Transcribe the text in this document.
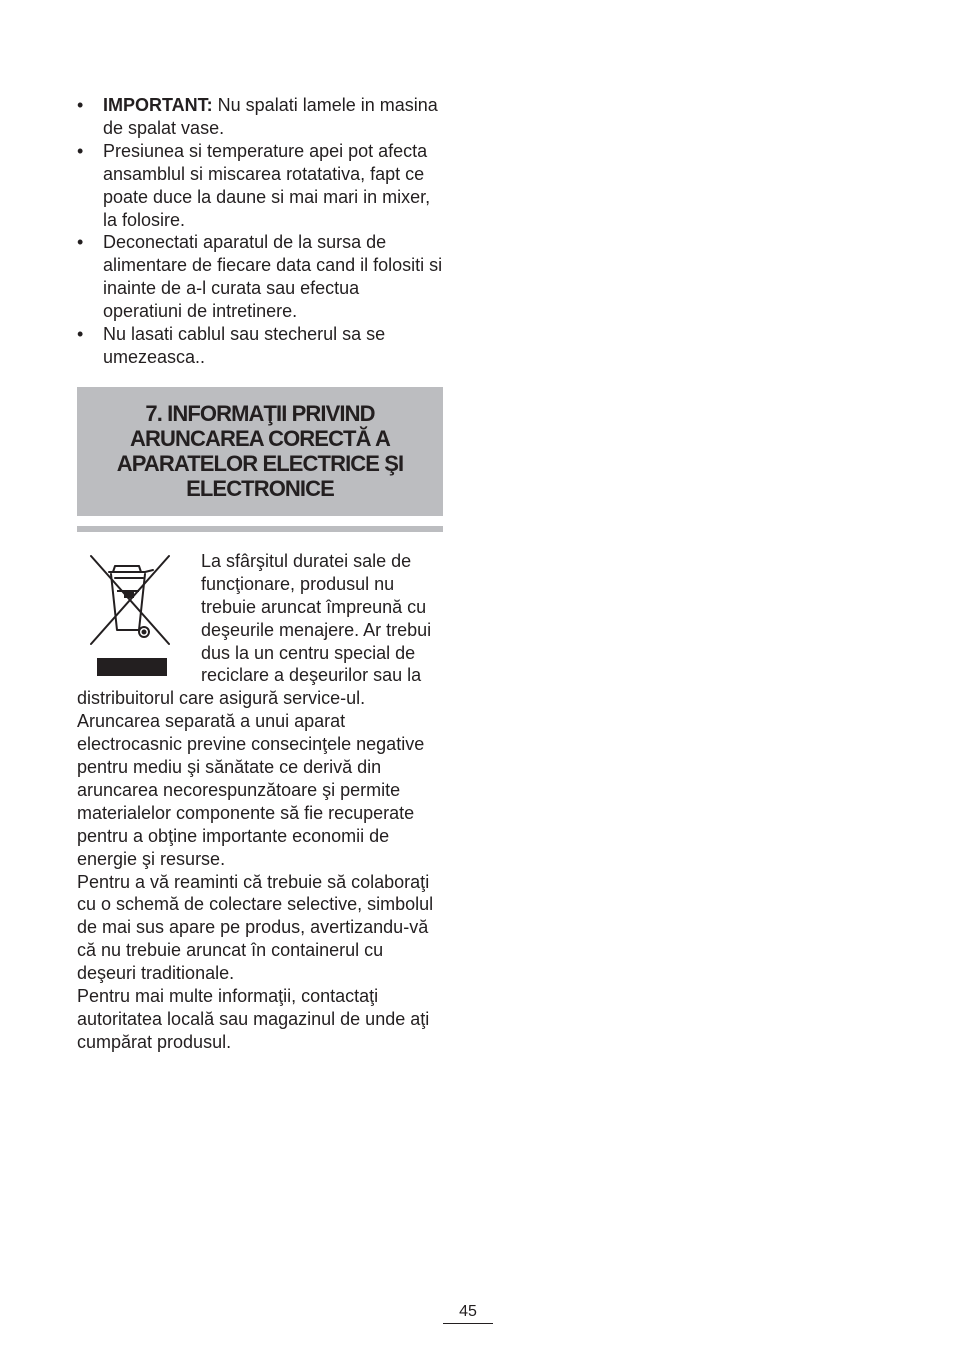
•	IMPORTANT: Nu spalati lamele in masina de spalat vase.
•	Presiunea si temperature apei pot afecta ansamblul si miscarea rotatativa, fapt ce poate duce la daune si mai mari in mixer, la folosire.
•	Deconectati aparatul de la sursa de alimentare de fiecare data cand il folositi si inainte de a-l curata sau efectua operatiuni de intretinere.
•	Nu lasati cablul sau stecherul sa se umezeasca..
7. INFORMAŢII PRIVIND ARUNCAREA CORECTĂ A APARATELOR ELECTRICE ŞI ELECTRONICE

La sfârşitul duratei sale de funcţionare, produsul nu trebuie aruncat împreună cu deşeurile menajere. Ar trebui dus la un centru special de reciclare a deşeurilor sau la distribuitorul care asigură service-ul.

Aruncarea separată a unui aparat electrocasnic previne consecinţele negative pentru mediu şi sănătate ce derivă din aruncarea necorespunzătoare şi permite materialelor componente să fie recuperate pentru a obţine importante economii de energie şi resurse.

Pentru a vă reaminti că trebuie să colaboraţi cu o schemă de colectare selective, simbolul de mai sus apare pe produs, avertizandu-vă că nu trebuie aruncat în containerul cu deşeuri traditionale.

Pentru mai multe informaţii, contactaţi autoritatea locală sau magazinul de unde aţi cumpărat produsul.

45
